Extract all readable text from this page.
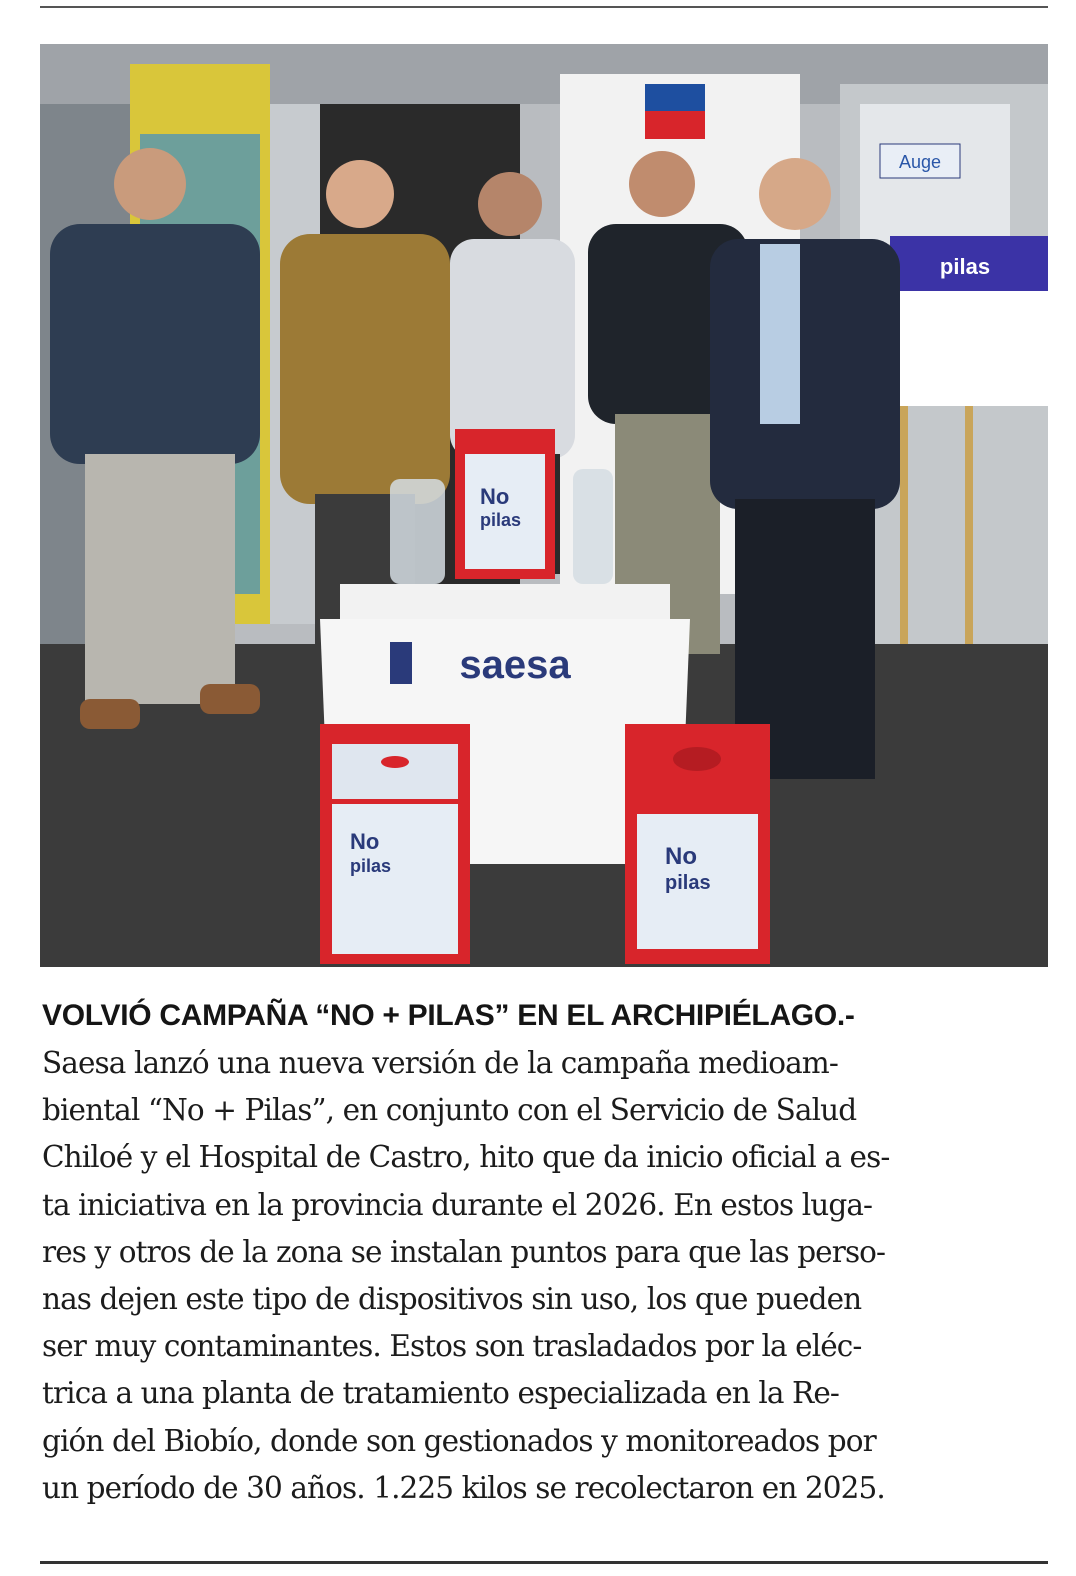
Auge
pilas
saesa
No
pilas
No
pilas	No
pilas
VOLVIÓ CAMPAÑA “NO + PILAS” EN EL ARCHIPIÉLAGO.-
Saesa lanzó una nueva versión de la campaña medioam-
biental “No + Pilas”, en conjunto con el Servicio de Salud
Chiloé y el Hospital de Castro, hito que da inicio oficial a es-
ta iniciativa en la provincia durante el 2026. En estos luga-
res y otros de la zona se instalan puntos para que las perso-
nas dejen este tipo de dispositivos sin uso, los que pueden
ser muy contaminantes. Estos son trasladados por la eléc-
trica a una planta de tratamiento especializada en la Re-
gión del Biobío, donde son gestionados y monitoreados por
un período de 30 años. 1.225 kilos se recolectaron en 2025.
